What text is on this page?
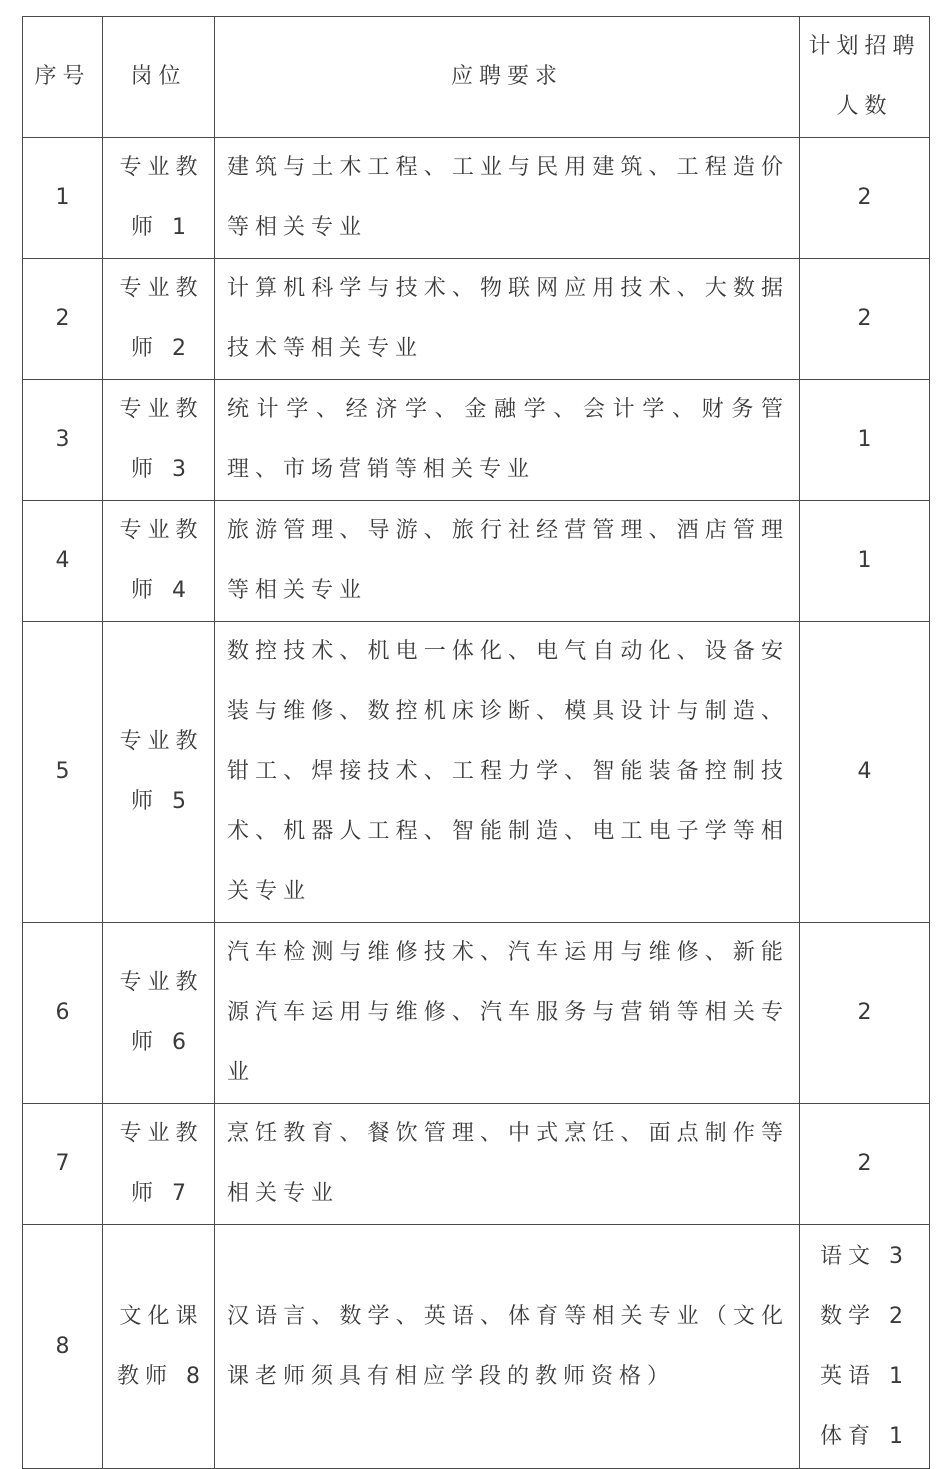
序号	岗位	应聘要求	计划招聘
人数

1	专业教
师 1	建筑与土木工程、工业与民用建筑、工程造价等相关专业	2

2	专业教
师 2	计算机科学与技术、物联网应用技术、大数据技术等相关专业	2

3	专业教
师 3	统计学、经济学、金融学、会计学、财务管理、市场营销等相关专业	1

4	专业教
师 4	旅游管理、导游、旅行社经营管理、酒店管理等相关专业	1

5	专业教
师 5	数控技术、机电一体化、电气自动化、设备安装与维修、数控机床诊断、模具设计与制造、钳工、焊接技术、工程力学、智能装备控制技术、机器人工程、智能制造、电工电子学等相关专业	4

6	专业教
师 6	汽车检测与维修技术、汽车运用与维修、新能源汽车运用与维修、汽车服务与营销等相关专业	2

7	专业教
师 7	烹饪教育、餐饮管理、中式烹饪、面点制作等相关专业	2

8	文化课
教师 8	汉语言、数学、英语、体育等相关专业（文化课老师须具有相应学段的教师资格）	语文 3
数学 2
英语 1
体育 1
